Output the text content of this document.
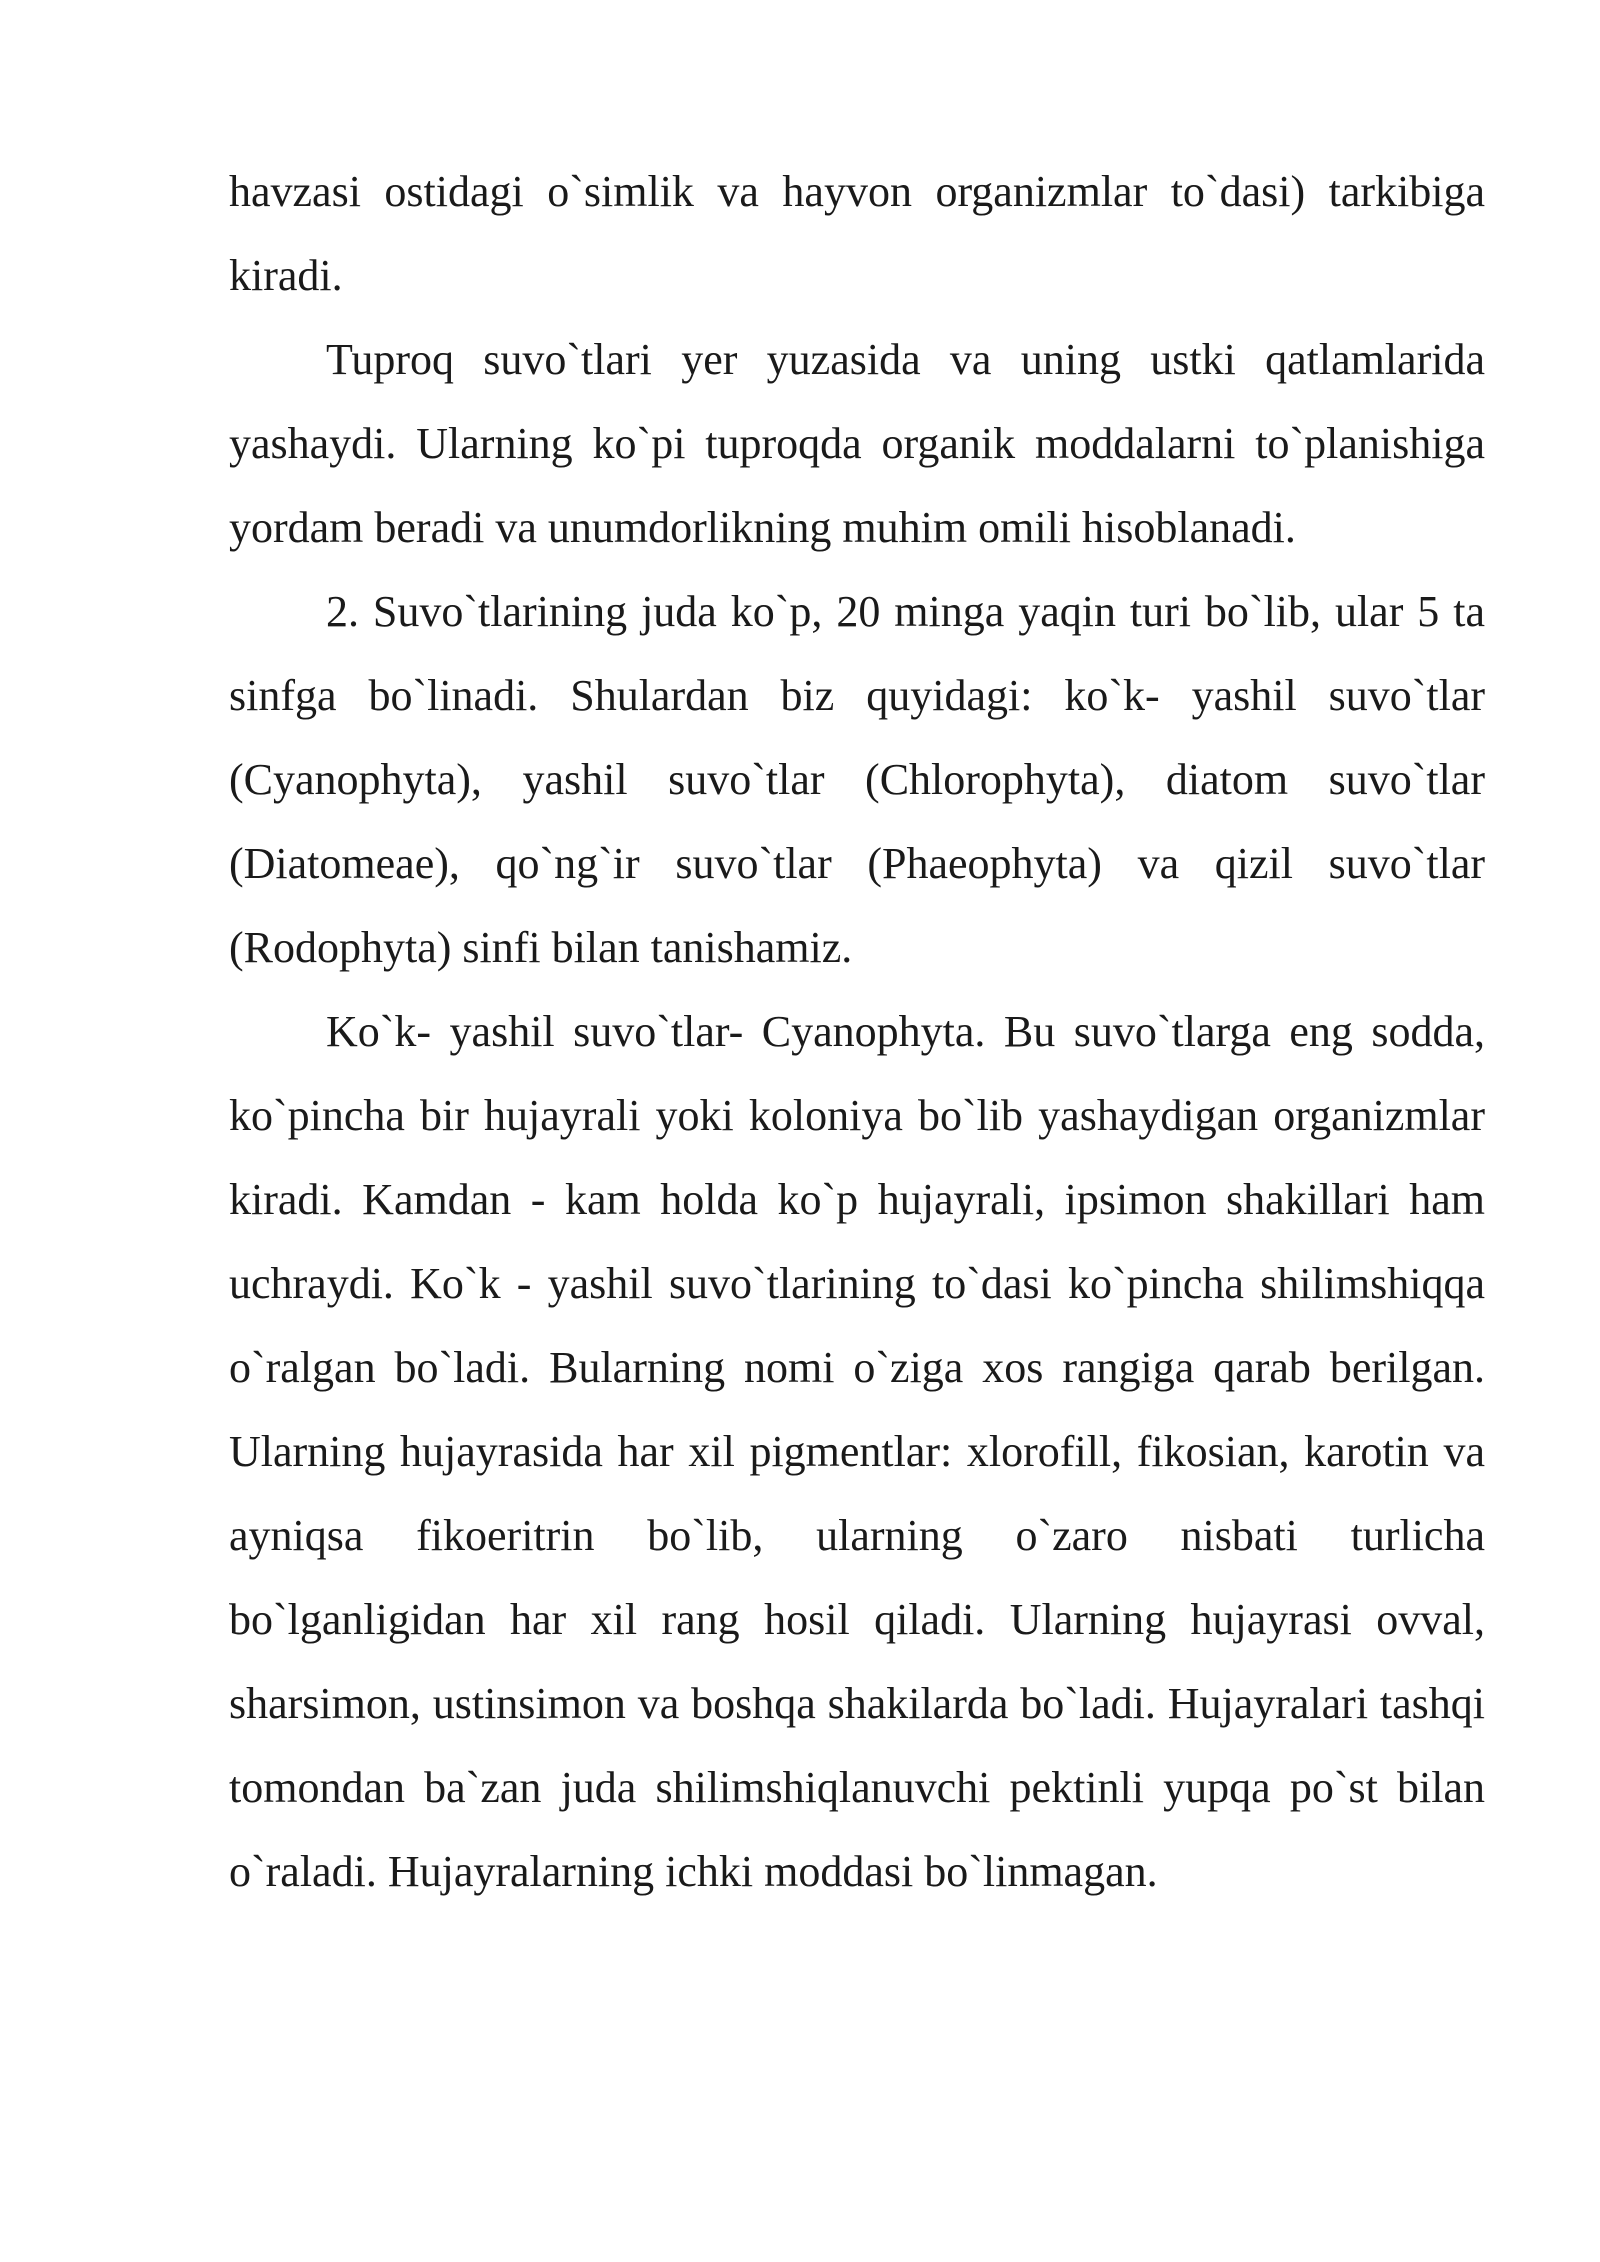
havzasi ostidagi o`simlik va hayvon organizmlar to`dasi) tarkibiga kiradi.

Tuproq suvo`tlari yer yuzasida va uning ustki qatlamlarida yashaydi. Ularning ko`pi tuproqda organik moddalarni to`planishiga yordam beradi va unumdorlikning muhim omili hisoblanadi.

2. Suvo`tlarining juda ko`p, 20 minga yaqin turi bo`lib, ular 5 ta sinfga bo`linadi. Shulardan biz quyidagi: ko`k- yashil suvo`tlar (Cyanophyta), yashil suvo`tlar (Chlorophyta), diatom suvo`tlar (Diatomeae), qo`ng`ir suvo`tlar (Phaeophyta) va qizil suvo`tlar (Rodophyta) sinfi bilan tanishamiz.

Ko`k- yashil suvo`tlar- Cyanophyta. Bu suvo`tlarga eng sodda, ko`pincha bir hujayrali yoki koloniya bo`lib yashaydigan organizmlar kiradi. Kamdan - kam holda ko`p hujayrali, ipsimon shakillari ham uchraydi. Ko`k - yashil suvo`tlarining to`dasi ko`pincha shilimshiqqa o`ralgan bo`ladi. Bularning nomi o`ziga xos rangiga qarab berilgan. Ularning hujayrasida har xil pigmentlar: xlorofill, fikosian, karotin va ayniqsa fikoeritrin bo`lib, ularning o`zaro nisbati turlicha bo`lganligidan har xil rang hosil qiladi. Ularning hujayrasi ovval, sharsimon, ustinsimon va boshqa shakilarda bo`ladi. Hujayralari tashqi tomondan ba`zan juda shilimshiqlanuvchi pektinli yupqa po`st bilan o`raladi. Hujayralarning ichki moddasi bo`linmagan.
